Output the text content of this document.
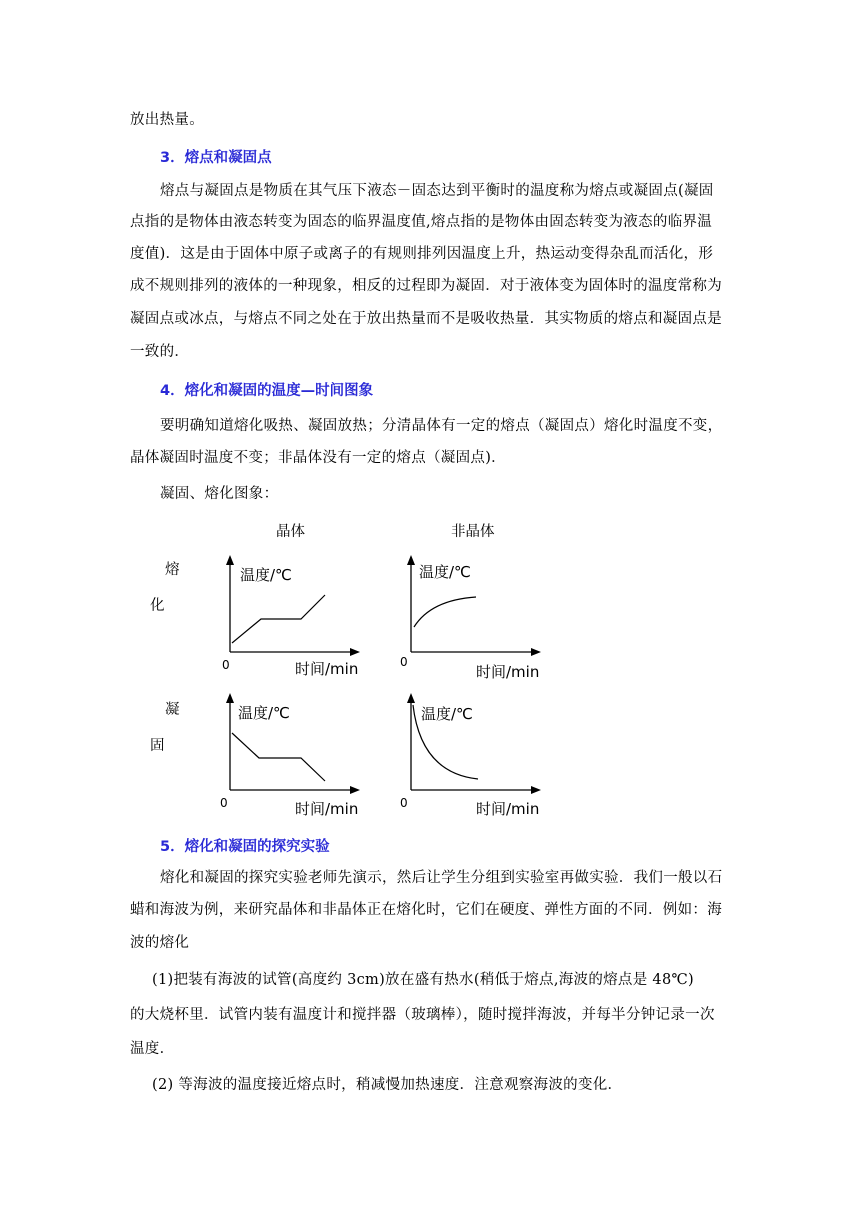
放出热量。
3．熔点和凝固点
熔点与凝固点是物质在其气压下液态－固态达到平衡时的温度称为熔点或凝固点(凝固
点指的是物体由液态转变为固态的临界温度值,熔点指的是物体由固态转变为液态的临界温
度值)．这是由于固体中原子或离子的有规则排列因温度上升，热运动变得杂乱而活化，形
成不规则排列的液体的一种现象，相反的过程即为凝固．对于液体变为固体时的温度常称为
凝固点或冰点，与熔点不同之处在于放出热量而不是吸收热量．其实物质的熔点和凝固点是
一致的．
4．熔化和凝固的温度—时间图象
要明确知道熔化吸热、凝固放热；分清晶体有一定的熔点（凝固点）熔化时温度不变，
晶体凝固时温度不变；非晶体没有一定的熔点（凝固点)．
凝固、熔化图象：
晶体	非晶体
熔
化
凝
固
温度/℃
0	时间/min
温度/℃
0
时间/min
温度/℃
0	时间/min
温度/℃
0	时间/min
5．熔化和凝固的探究实验
熔化和凝固的探究实验老师先演示，然后让学生分组到实验室再做实验．我们一般以石
蜡和海波为例，来研究晶体和非晶体正在熔化时，它们在硬度、弹性方面的不同．例如：海
波的熔化
(1)把装有海波的试管(高度约 3cm)放在盛有热水(稍低于熔点,海波的熔点是 48℃)
的大烧杯里．试管内装有温度计和搅拌器（玻璃棒），随时搅拌海波，并每半分钟记录一次
温度．
(2) 等海波的温度接近熔点时，稍减慢加热速度．注意观察海波的变化．
